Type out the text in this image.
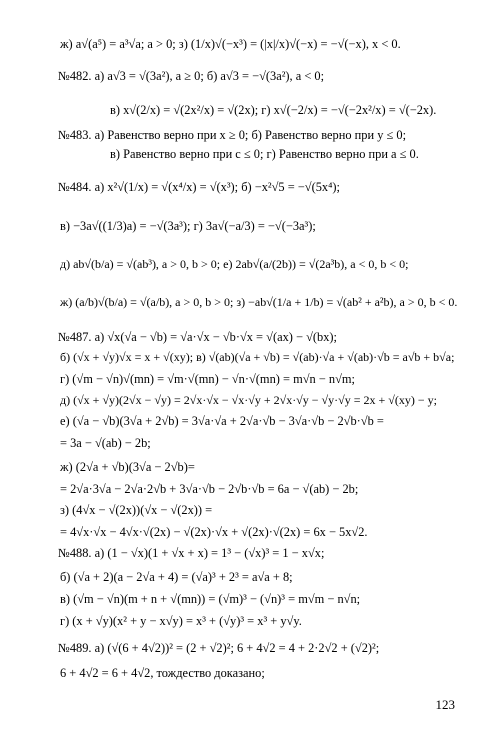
ж) a√(a⁵) = a³√a; a > 0; з) (1/x)√(−x³) = (|x|/x)√(−x) = −√(−x), x < 0.
№482. а) a√3 = √(3a²), a ≥ 0; б) a√3 = −√(3a²), a < 0;
в) x√(2/x) = √(2x²/x) = √(2x); г) x√(−2/x) = −√(−2x²/x) = √(−2x).
№483. а) Равенство верно при x ≥ 0; б) Равенство верно при y ≤ 0;
в) Равенство верно при c ≤ 0; г) Равенство верно при a ≤ 0.
№484. а) x²√(1/x) = √(x⁴/x) = √(x³); б) −x²√5 = −√(5x⁴);
в) −3a√((1/3)a) = −√(3a³); г) 3a√(−a/3) = −√(−3a³);
д) ab√(b/a) = √(ab³), a > 0, b > 0; е) 2ab√(a/(2b)) = √(2a³b), a < 0, b < 0;
ж) (a/b)√(b/a) = √(a/b), a > 0, b > 0; з) −ab√(1/a + 1/b) = √(ab² + a²b), a > 0, b < 0.
№487. а) √x(√a − √b) = √a·√x − √b·√x = √(ax) − √(bx);
б) (√x + √y)√x = x + √(xy); в) √(ab)(√a + √b) = √(ab)·√a + √(ab)·√b = a√b + b√a;
г) (√m − √n)√(mn) = √m·√(mn) − √n·√(mn) = m√n − n√m;
д) (√x + √y)(2√x − √y) = 2√x·√x − √x·√y + 2√x·√y − √y·√y = 2x + √(xy) − y;
е) (√a − √b)(3√a + 2√b) = 3√a·√a + 2√a·√b − 3√a·√b − 2√b·√b =
= 3a − √(ab) − 2b;
ж) (2√a + √b)(3√a − 2√b)=
= 2√a·3√a − 2√a·2√b + 3√a·√b − 2√b·√b = 6a − √(ab) − 2b;
з) (4√x − √(2x))(√x − √(2x)) =
= 4√x·√x − 4√x·√(2x) − √(2x)·√x + √(2x)·√(2x) = 6x − 5x√2.
№488. а) (1 − √x)(1 + √x + x) = 1³ − (√x)³ = 1 − x√x;
б) (√a + 2)(a − 2√a + 4) = (√a)³ + 2³ = a√a + 8;
в) (√m − √n)(m + n + √(mn)) = (√m)³ − (√n)³ = m√m − n√n;
г) (x + √y)(x² + y − x√y) = x³ + (√y)³ = x³ + y√y.
№489. а) (√(6 + 4√2))² = (2 + √2)²; 6 + 4√2 = 4 + 2·2√2 + (√2)²;
6 + 4√2 = 6 + 4√2, тождество доказано;
123
